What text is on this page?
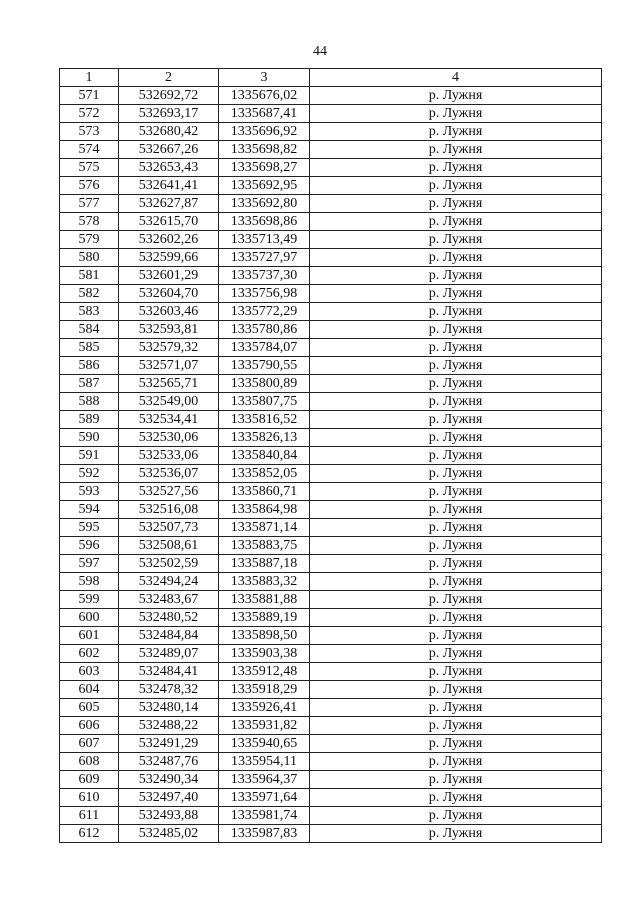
44
1	2	3	4
571	532692,72	1335676,02	р. Лужня
572	532693,17	1335687,41	р. Лужня
573	532680,42	1335696,92	р. Лужня
574	532667,26	1335698,82	р. Лужня
575	532653,43	1335698,27	р. Лужня
576	532641,41	1335692,95	р. Лужня
577	532627,87	1335692,80	р. Лужня
578	532615,70	1335698,86	р. Лужня
579	532602,26	1335713,49	р. Лужня
580	532599,66	1335727,97	р. Лужня
581	532601,29	1335737,30	р. Лужня
582	532604,70	1335756,98	р. Лужня
583	532603,46	1335772,29	р. Лужня
584	532593,81	1335780,86	р. Лужня
585	532579,32	1335784,07	р. Лужня
586	532571,07	1335790,55	р. Лужня
587	532565,71	1335800,89	р. Лужня
588	532549,00	1335807,75	р. Лужня
589	532534,41	1335816,52	р. Лужня
590	532530,06	1335826,13	р. Лужня
591	532533,06	1335840,84	р. Лужня
592	532536,07	1335852,05	р. Лужня
593	532527,56	1335860,71	р. Лужня
594	532516,08	1335864,98	р. Лужня
595	532507,73	1335871,14	р. Лужня
596	532508,61	1335883,75	р. Лужня
597	532502,59	1335887,18	р. Лужня
598	532494,24	1335883,32	р. Лужня
599	532483,67	1335881,88	р. Лужня
600	532480,52	1335889,19	р. Лужня
601	532484,84	1335898,50	р. Лужня
602	532489,07	1335903,38	р. Лужня
603	532484,41	1335912,48	р. Лужня
604	532478,32	1335918,29	р. Лужня
605	532480,14	1335926,41	р. Лужня
606	532488,22	1335931,82	р. Лужня
607	532491,29	1335940,65	р. Лужня
608	532487,76	1335954,11	р. Лужня
609	532490,34	1335964,37	р. Лужня
610	532497,40	1335971,64	р. Лужня
611	532493,88	1335981,74	р. Лужня
612	532485,02	1335987,83	р. Лужня
